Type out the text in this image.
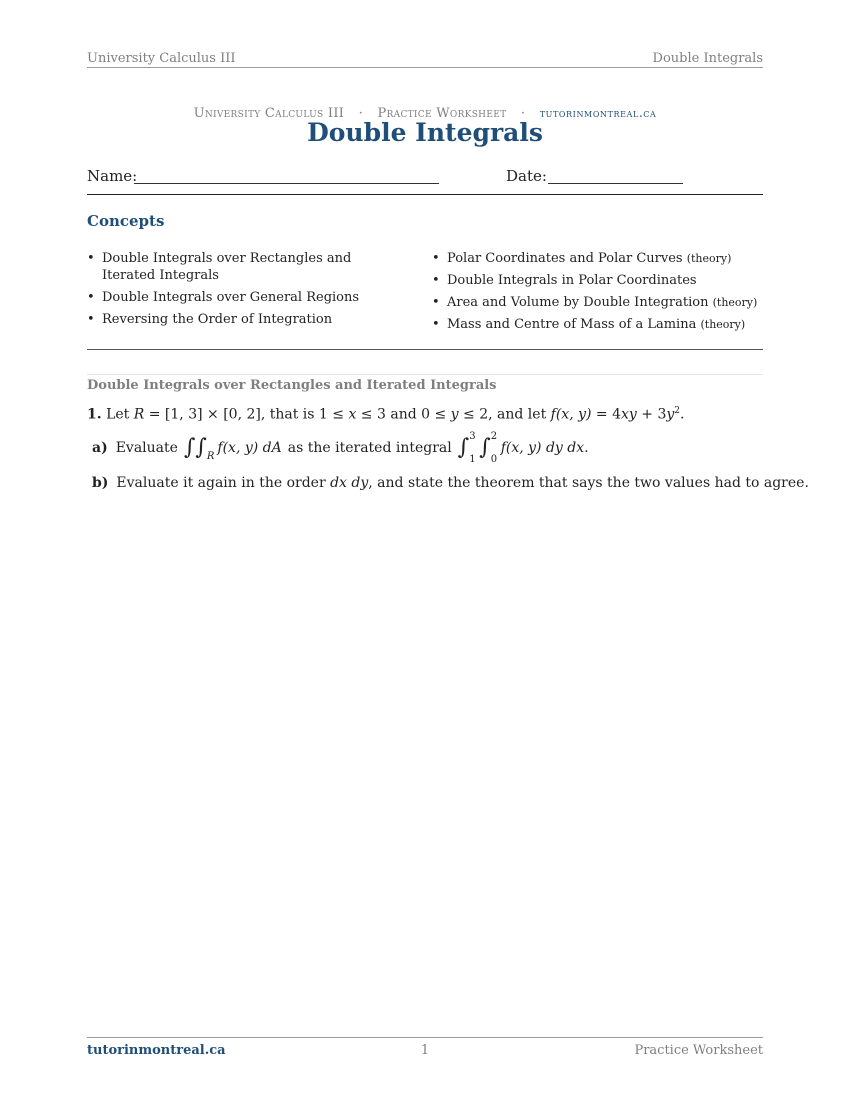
University Calculus III	Double Integrals
University Calculus III · Practice Worksheet · tutorinmontreal.ca
Double Integrals
Name:	Date:
Concepts
• Double Integrals over Rectangles and Iterated Integrals
• Double Integrals over General Regions
• Reversing the Order of Integration
• Polar Coordinates and Polar Curves (theory)
• Double Integrals in Polar Coordinates
• Area and Volume by Double Integration (theory)
• Mass and Centre of Mass of a Lamina (theory)
Double Integrals over Rectangles and Iterated Integrals
1. Let R = [1, 3] × [0, 2], that is 1 ≤ x ≤ 3 and 0 ≤ y ≤ 2, and let f(x, $y) = 4xy + 3y^2$.
a) Evaluate ∫∫ R f(x, y) dA as the iterated integral ∫ 3
1 ∫ 2
0
f(x, y) dy dx .
b) Evaluate it again in the order dx dy, and state the theorem that says the two values had to agree.
tutorinmontreal.ca	1	Practice Worksheet
